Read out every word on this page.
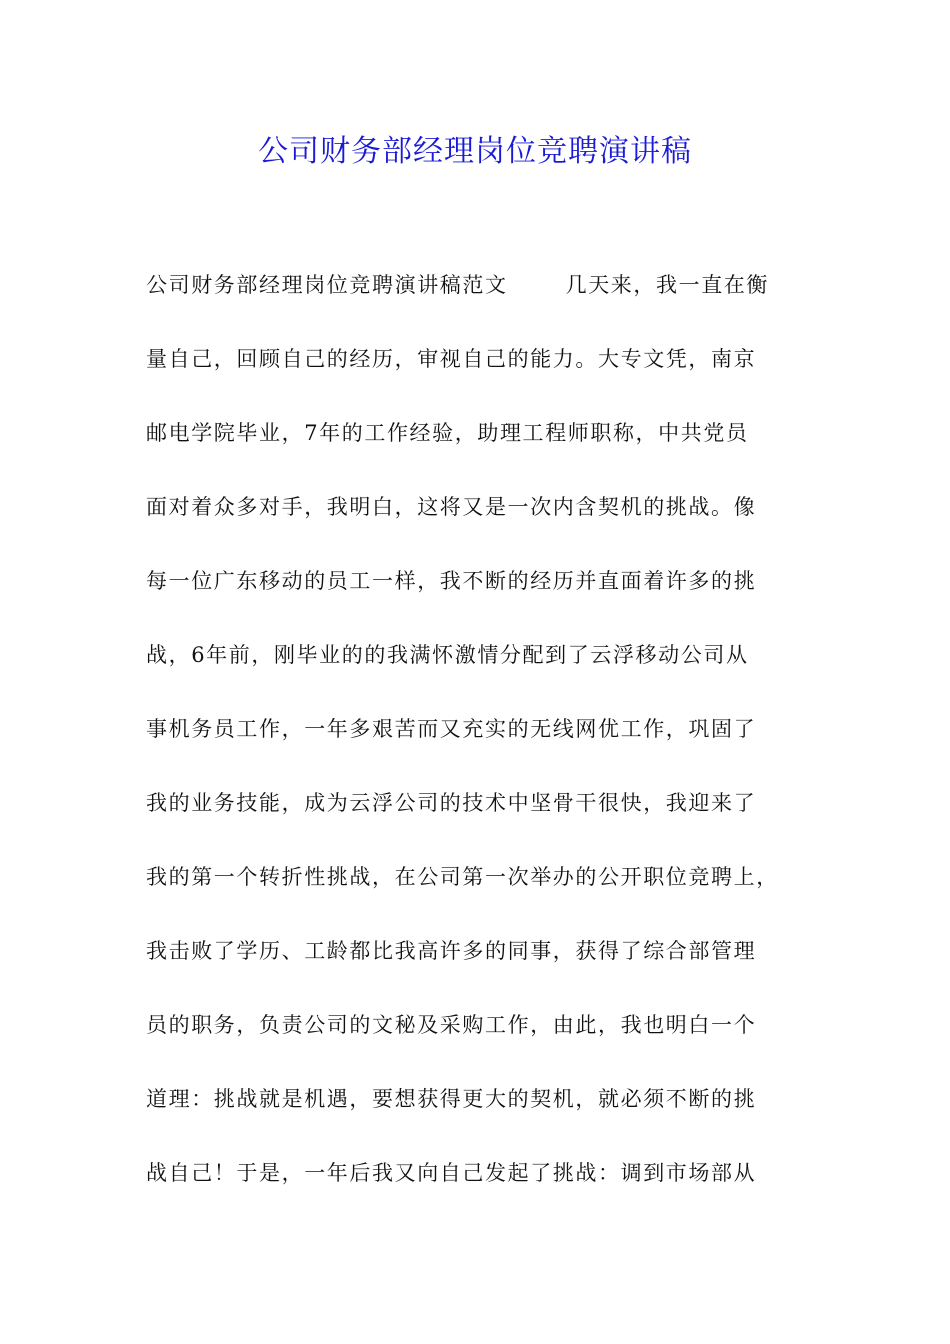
公司财务部经理岗位竞聘演讲稿
公司财务部经理岗位竞聘演讲稿范文	几天来，我一直在衡
量自己，回顾自己的经历，审视自己的能力。大专文凭，南京
邮电学院毕业，7年的工作经验，助理工程师职称，中共党员
面对着众多对手，我明白，这将又是一次内含契机的挑战。像
每一位广东移动的员工一样，我不断的经历并直面着许多的挑
战，6年前，刚毕业的的我满怀激情分配到了云浮移动公司从
事机务员工作，一年多艰苦而又充实的无线网优工作，巩固了
我的业务技能，成为云浮公司的技术中坚骨干很快，我迎来了
我的第一个转折性挑战，在公司第一次举办的公开职位竞聘上，
我击败了学历、工龄都比我高许多的同事，获得了综合部管理
员的职务，负责公司的文秘及采购工作，由此，我也明白一个
道理：挑战就是机遇，要想获得更大的契机，就必须不断的挑
战自己！于是，一年后我又向自己发起了挑战：调到市场部从
